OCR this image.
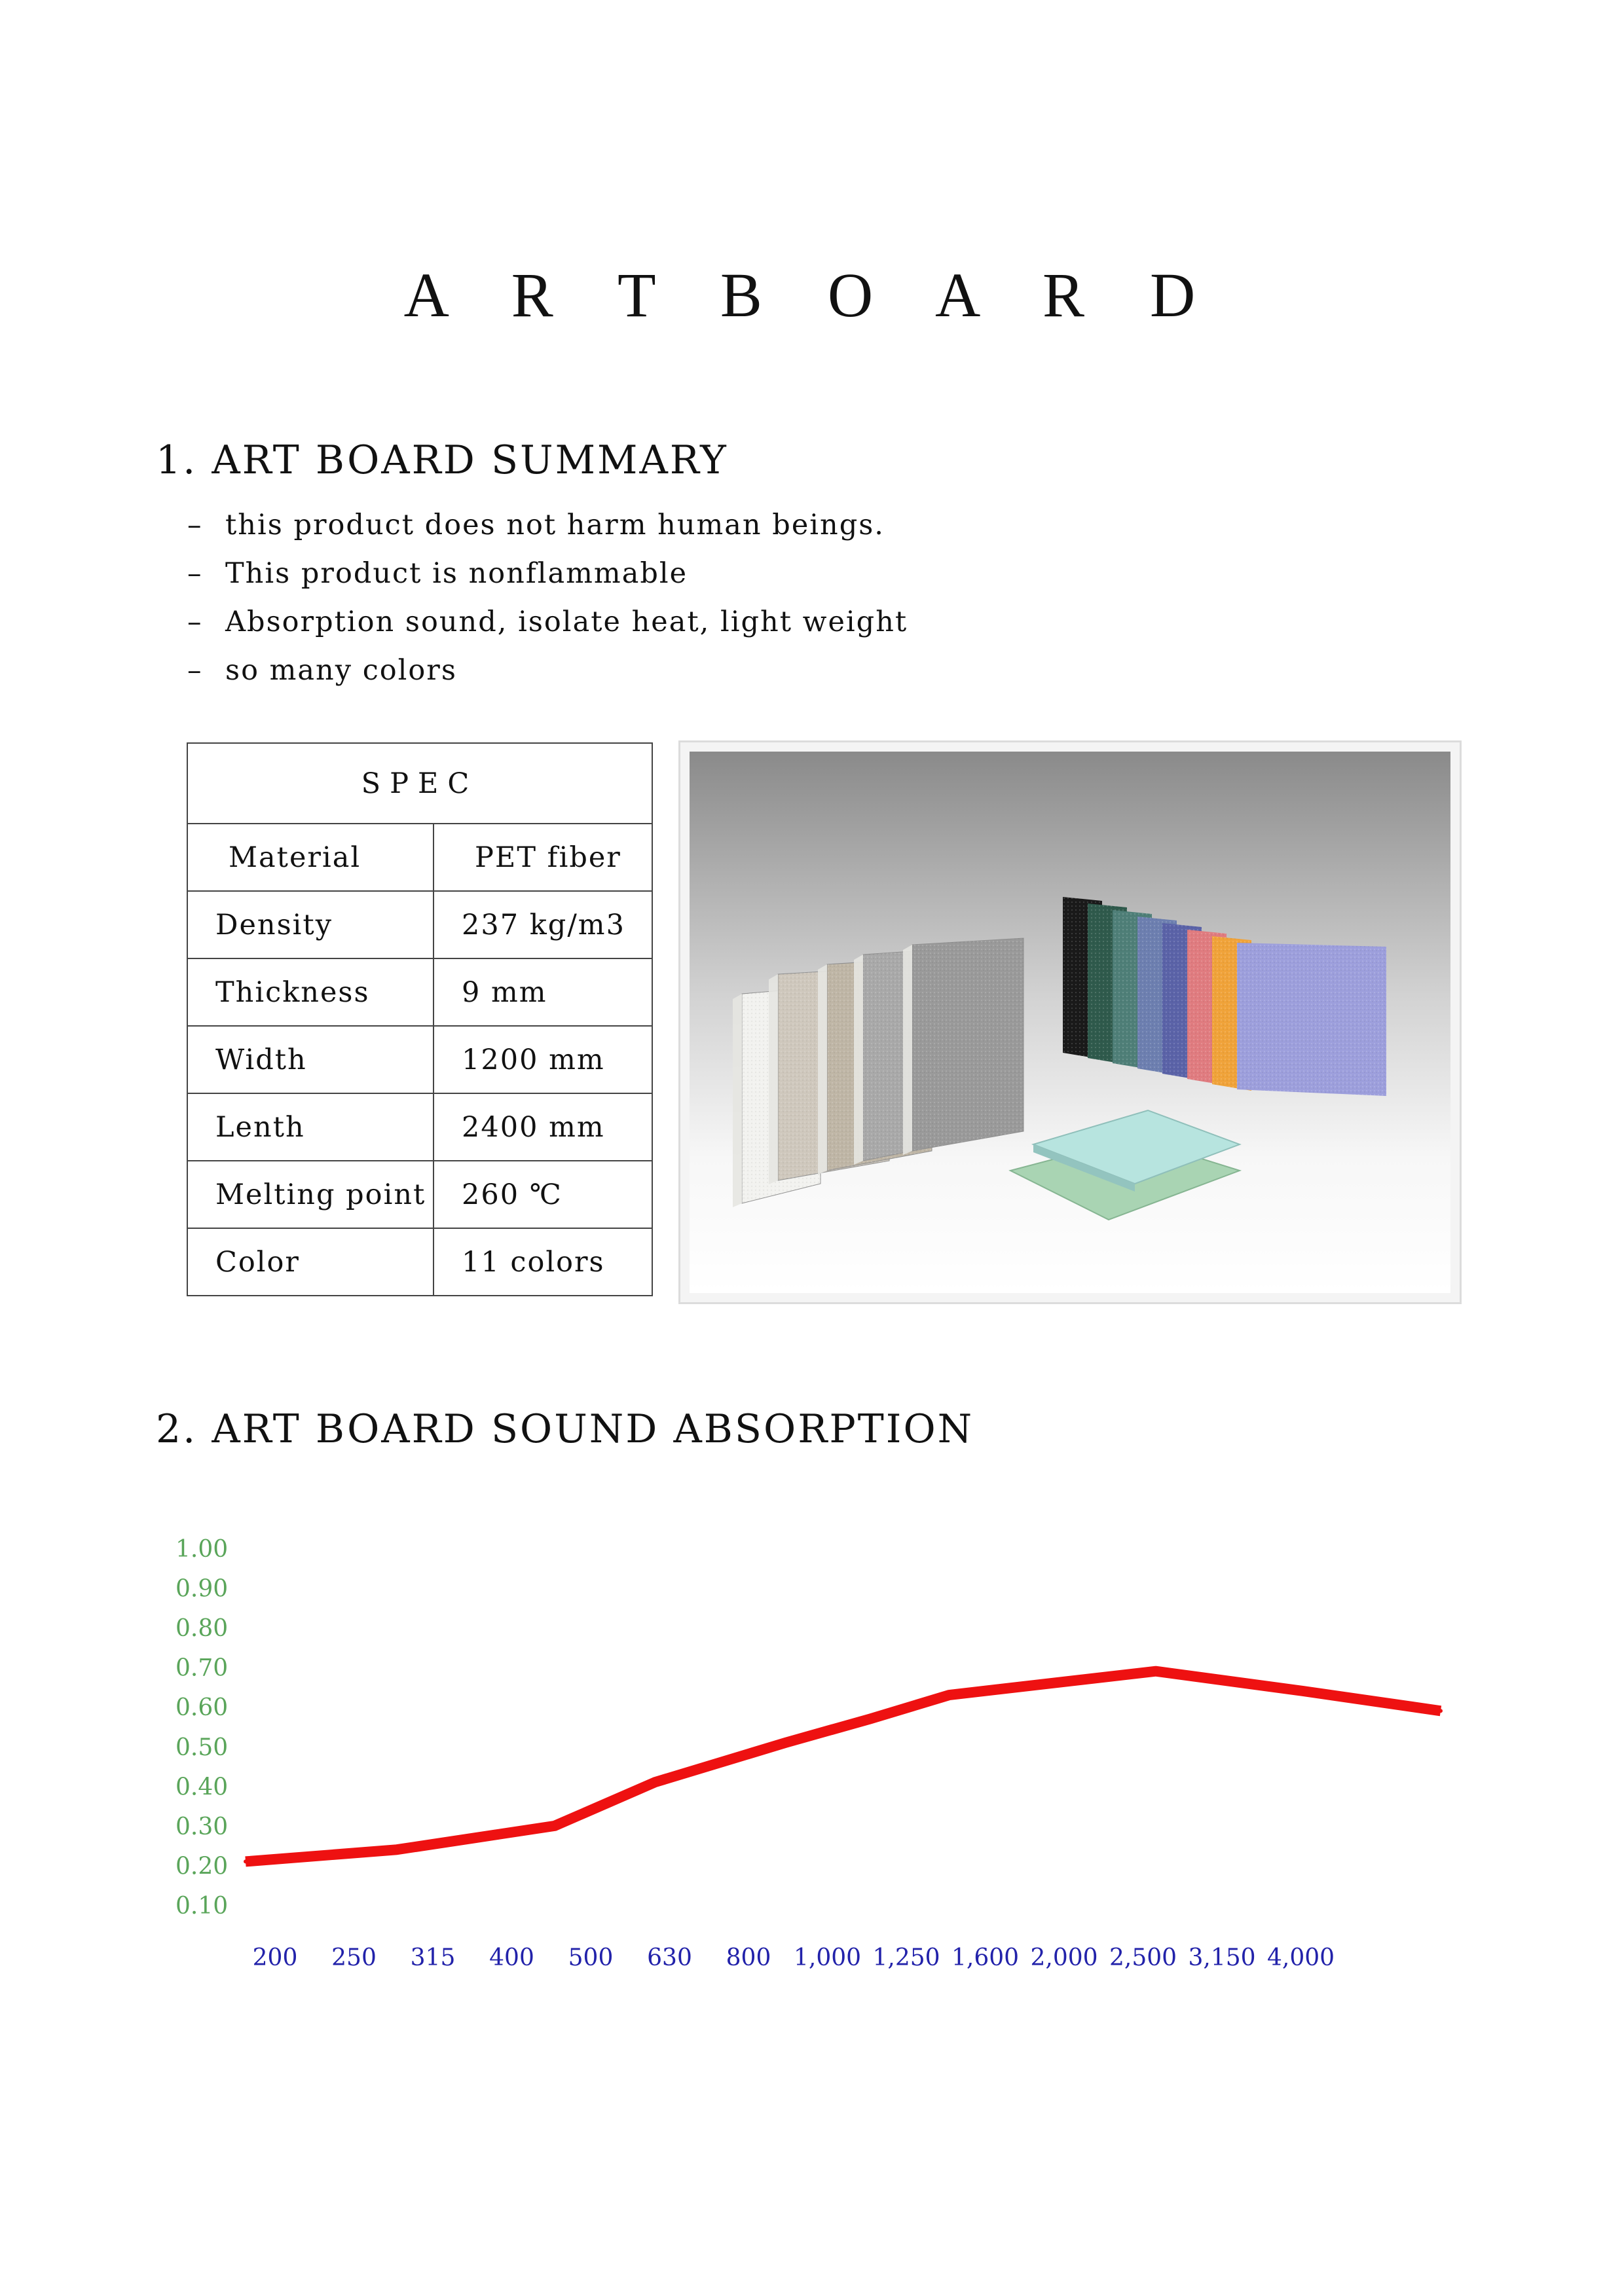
A R T B O A R D
1. ART BOARD SUMMARY
– this product does not harm human beings.
– This product is nonflammable
– Absorption sound, isolate heat, light weight
– so many colors
SPEC	
Material	PET fiber
Density	237 kg/m3
Thickness	9 mm
Width	1200 mm
Lenth	2400 mm
Melting point	260 ℃
Color	11 colors
2. ART BOARD SOUND ABSORPTION
1.00
0.90
0.80
0.70
0.60
0.50
0.40
0.30
0.20
0.10
200 250 315 400 500 630 800 1,000 1,250 1,600 2,000 2,500 3,150 4,000
